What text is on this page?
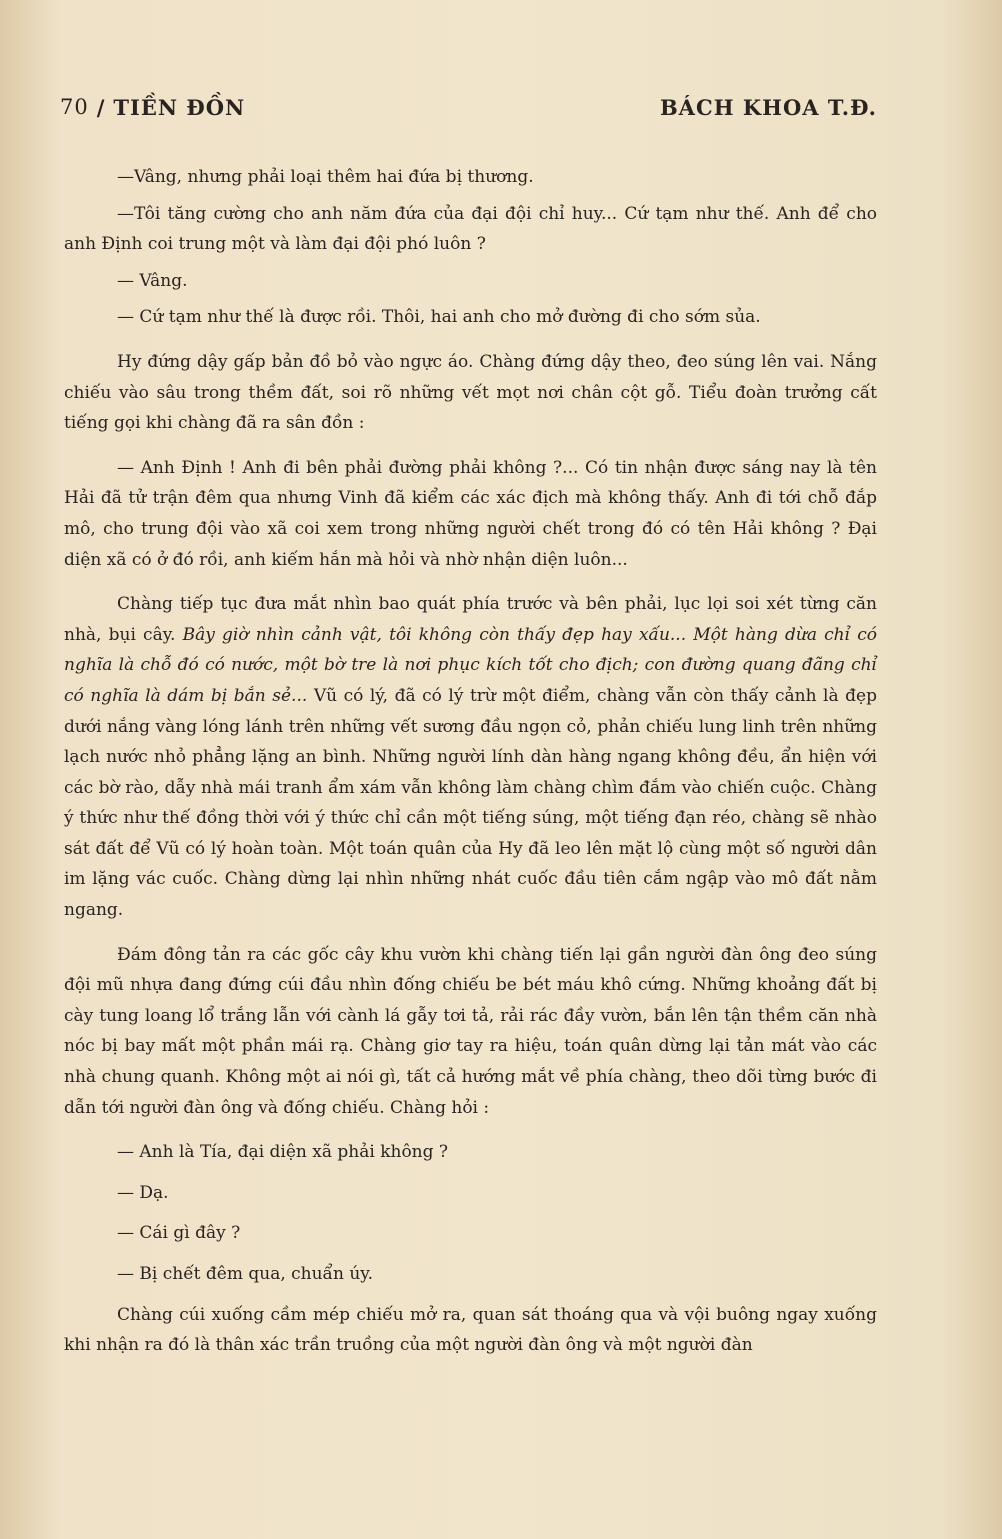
70 / TIỀN ĐỒN	BÁCH KHOA T.Đ.

—Vâng, nhưng phải loại thêm hai đứa bị thương.

—Tôi tăng cường cho anh năm đứa của đại đội chỉ huy... Cứ tạm như thế. Anh để cho anh Định coi trung một và làm đại đội phó luôn ?

— Vâng.

— Cứ tạm như thế là được rồi. Thôi, hai anh cho mở đường đi cho sớm sủa.

Hy đứng dậy gấp bản đồ bỏ vào ngực áo. Chàng đứng dậy theo, đeo súng lên vai. Nắng chiếu vào sâu trong thềm đất, soi rõ những vết mọt nơi chân cột gỗ. Tiểu đoàn trưởng cất tiếng gọi khi chàng đã ra sân đồn :

— Anh Định ! Anh đi bên phải đường phải không ?... Có tin nhận được sáng nay là tên Hải đã tử trận đêm qua nhưng Vinh đã kiểm các xác địch mà không thấy. Anh đi tới chỗ đắp mô, cho trung đội vào xã coi xem trong những người chết trong đó có tên Hải không ? Đại diện xã có ở đó rồi, anh kiếm hắn mà hỏi và nhờ nhận diện luôn...

Chàng tiếp tục đưa mắt nhìn bao quát phía trước và bên phải, lục lọi soi xét từng căn nhà, bụi cây. Bây giờ nhìn cảnh vật, tôi không còn thấy đẹp hay xấu... Một hàng dừa chỉ có nghĩa là chỗ đó có nước, một bờ tre là nơi phục kích tốt cho địch; con đường quang đãng chỉ có nghĩa là dám bị bắn sẻ... Vũ có lý, đã có lý trừ một điểm, chàng vẫn còn thấy cảnh là đẹp dưới nắng vàng lóng lánh trên những vết sương đầu ngọn cỏ, phản chiếu lung linh trên những lạch nước nhỏ phẳng lặng an bình. Những người lính dàn hàng ngang không đều, ẩn hiện với các bờ rào, dẫy nhà mái tranh ẩm xám vẫn không làm chàng chìm đắm vào chiến cuộc. Chàng ý thức như thế đồng thời với ý thức chỉ cần một tiếng súng, một tiếng đạn réo, chàng sẽ nhào sát đất để Vũ có lý hoàn toàn. Một toán quân của Hy đã leo lên mặt lộ cùng một số người dân im lặng vác cuốc. Chàng dừng lại nhìn những nhát cuốc đầu tiên cắm ngập vào mô đất nằm ngang.

Đám đông tản ra các gốc cây khu vườn khi chàng tiến lại gần người đàn ông đeo súng đội mũ nhựa đang đứng cúi đầu nhìn đống chiếu be bét máu khô cứng. Những khoảng đất bị cày tung loang lổ trắng lẫn với cành lá gẫy tơi tả, rải rác đầy vườn, bắn lên tận thềm căn nhà nóc bị bay mất một phần mái rạ. Chàng giơ tay ra hiệu, toán quân dừng lại tản mát vào các nhà chung quanh. Không một ai nói gì, tất cả hướng mắt về phía chàng, theo dõi từng bước đi dẫn tới người đàn ông và đống chiếu. Chàng hỏi :

— Anh là Tía, đại diện xã phải không ?

— Dạ.

— Cái gì đây ?

— Bị chết đêm qua, chuẩn úy.

Chàng cúi xuống cầm mép chiếu mở ra, quan sát thoáng qua và vội buông ngay xuống khi nhận ra đó là thân xác trần truồng của một người đàn ông và một người đàn
